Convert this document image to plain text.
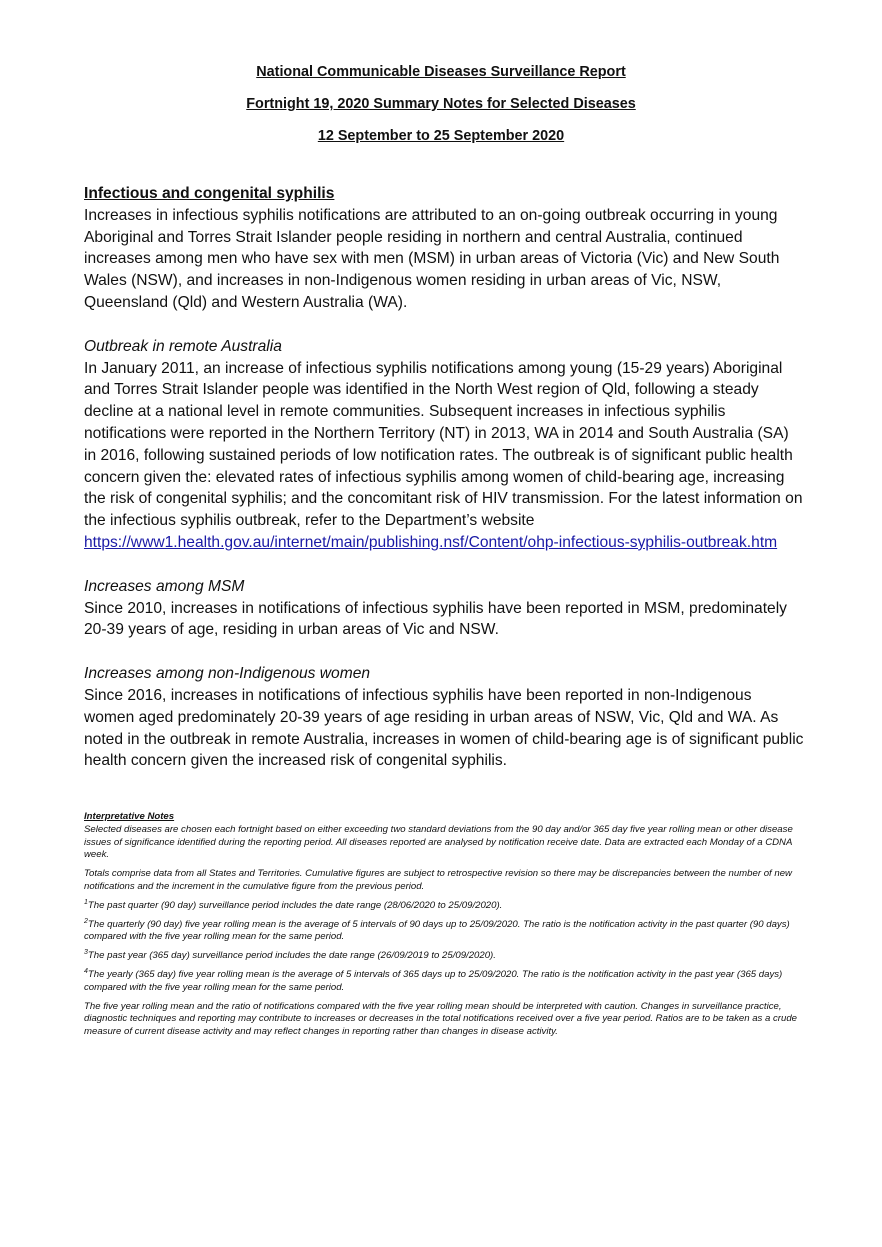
National Communicable Diseases Surveillance Report
Fortnight 19, 2020 Summary Notes for Selected Diseases
12 September to 25 September 2020
Infectious and congenital syphilis

Increases in infectious syphilis notifications are attributed to an on-going outbreak occurring in young Aboriginal and Torres Strait Islander people residing in northern and central Australia, continued increases among men who have sex with men (MSM) in urban areas of Victoria (Vic) and New South Wales (NSW), and increases in non-Indigenous women residing in urban areas of Vic, NSW, Queensland (Qld) and Western Australia (WA).

Outbreak in remote Australia

In January 2011, an increase of infectious syphilis notifications among young (15-29 years) Aboriginal and Torres Strait Islander people was identified in the North West region of Qld, following a steady decline at a national level in remote communities. Subsequent increases in infectious syphilis notifications were reported in the Northern Territory (NT) in 2013, WA in 2014 and South Australia (SA) in 2016, following sustained periods of low notification rates. The outbreak is of significant public health concern given the: elevated rates of infectious syphilis among women of child-bearing age, increasing the risk of congenital syphilis; and the concomitant risk of HIV transmission. For the latest information on the infectious syphilis outbreak, refer to the Department’s website https://www1.health.gov.au/internet/main/publishing.nsf/Content/ohp-infectious-syphilis-outbreak.htm

Increases among MSM

Since 2010, increases in notifications of infectious syphilis have been reported in MSM, predominately 20-39 years of age, residing in urban areas of Vic and NSW.

Increases among non-Indigenous women

Since 2016, increases in notifications of infectious syphilis have been reported in non-Indigenous women aged predominately 20-39 years of age residing in urban areas of NSW, Vic, Qld and WA. As noted in the outbreak in remote Australia, increases in women of child-bearing age is of significant public health concern given the increased risk of congenital syphilis.

Interpretative Notes

Selected diseases are chosen each fortnight based on either exceeding two standard deviations from the 90 day and/or 365 day five year rolling mean or other disease issues of significance identified during the reporting period. All diseases reported are analysed by notification receive date. Data are extracted each Monday of a CDNA week.

Totals comprise data from all States and Territories. Cumulative figures are subject to retrospective revision so there may be discrepancies between the number of new notifications and the increment in the cumulative figure from the previous period.

$^1$The past quarter (90 day) surveillance period includes the date range (28/06/2020 to 25/09/2020).

$^2$The quarterly (90 day) five year rolling mean is the average of 5 intervals of 90 days up to 25/09/2020. The ratio is the notification activity in the past quarter (90 days) compared with the five year rolling mean for the same period.

$^3$The past year (365 day) surveillance period includes the date range (26/09/2019 to 25/09/2020).

$^4$The yearly (365 day) five year rolling mean is the average of 5 intervals of 365 days up to 25/09/2020. The ratio is the notification activity in the past year (365 days) compared with the five year rolling mean for the same period.

The five year rolling mean and the ratio of notifications compared with the five year rolling mean should be interpreted with caution. Changes in surveillance practice, diagnostic techniques and reporting may contribute to increases or decreases in the total notifications received over a five year period. Ratios are to be taken as a crude measure of current disease activity and may reflect changes in reporting rather than changes in disease activity.
